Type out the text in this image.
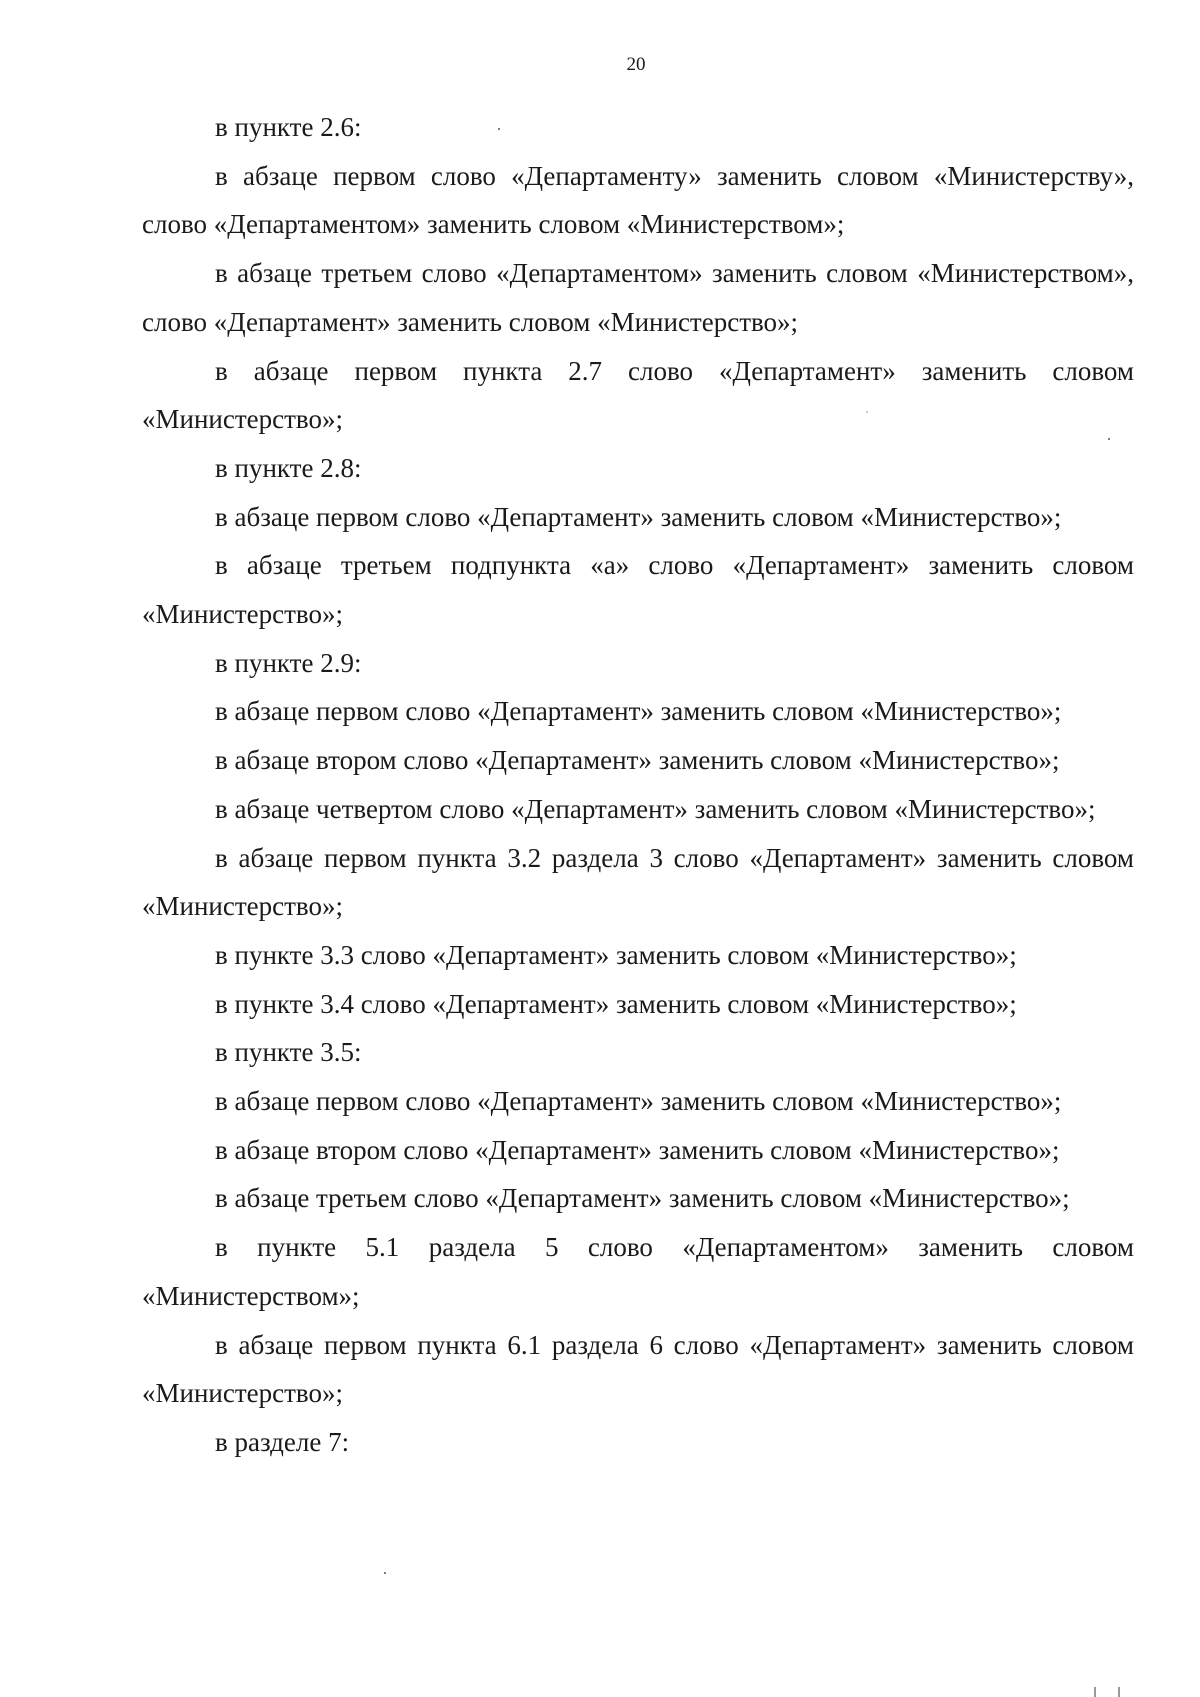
20

в пункте 2.6:

в абзаце первом слово «Департаменту» заменить словом «Министерству», слово «Департаментом» заменить словом «Министерством»;

в абзаце третьем слово «Департаментом» заменить словом «Министерством», слово «Департамент» заменить словом «Министерство»;

в абзаце первом пункта 2.7 слово «Департамент» заменить словом «Министерство»;

в пункте 2.8:

в абзаце первом слово «Департамент» заменить словом «Министерство»;

в абзаце третьем подпункта «а» слово «Департамент» заменить словом «Министерство»;

в пункте 2.9:

в абзаце первом слово «Департамент» заменить словом «Министерство»;

в абзаце втором слово «Департамент» заменить словом «Министерство»;

в абзаце четвертом слово «Департамент» заменить словом «Министерство»;

в абзаце первом пункта 3.2 раздела 3 слово «Департамент» заменить словом «Министерство»;

в пункте 3.3 слово «Департамент» заменить словом «Министерство»;

в пункте 3.4 слово «Департамент» заменить словом «Министерство»;

в пункте 3.5:

в абзаце первом слово «Департамент» заменить словом «Министерство»;

в абзаце втором слово «Департамент» заменить словом «Министерство»;

в абзаце третьем слово «Департамент» заменить словом «Министерство»;

в пункте 5.1 раздела 5 слово «Департаментом» заменить словом «Министерством»;

в абзаце первом пункта 6.1 раздела 6 слово «Департамент» заменить словом «Министерство»;

в разделе 7:
